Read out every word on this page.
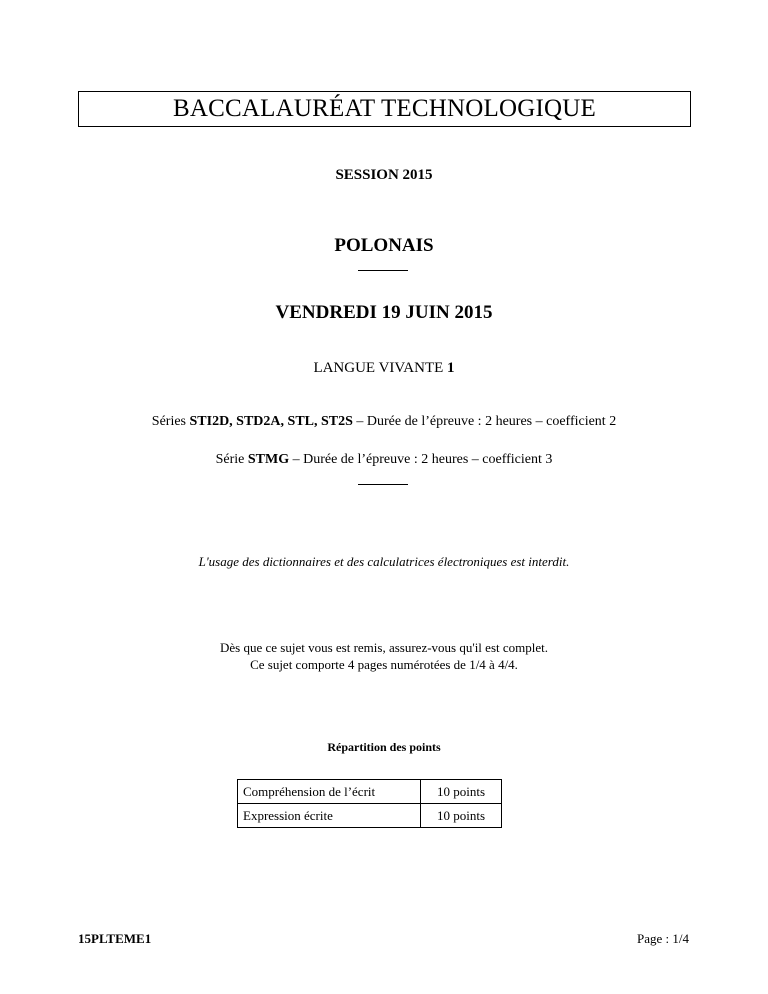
BACCALAURÉAT TECHNOLOGIQUE
SESSION 2015
POLONAIS
VENDREDI 19 JUIN 2015
LANGUE VIVANTE 1
Séries STI2D, STD2A, STL, ST2S – Durée de l’épreuve : 2 heures – coefficient 2
Série STMG – Durée de l’épreuve : 2 heures – coefficient 3
L'usage des dictionnaires et des calculatrices électroniques est interdit.
Dès que ce sujet vous est remis, assurez-vous qu'il est complet.
Ce sujet comporte 4 pages numérotées de 1/4 à 4/4.
Répartition des points
Compréhension de l’écrit	10 points
Expression écrite	10 points
15PLTEME1	Page : 1/4
